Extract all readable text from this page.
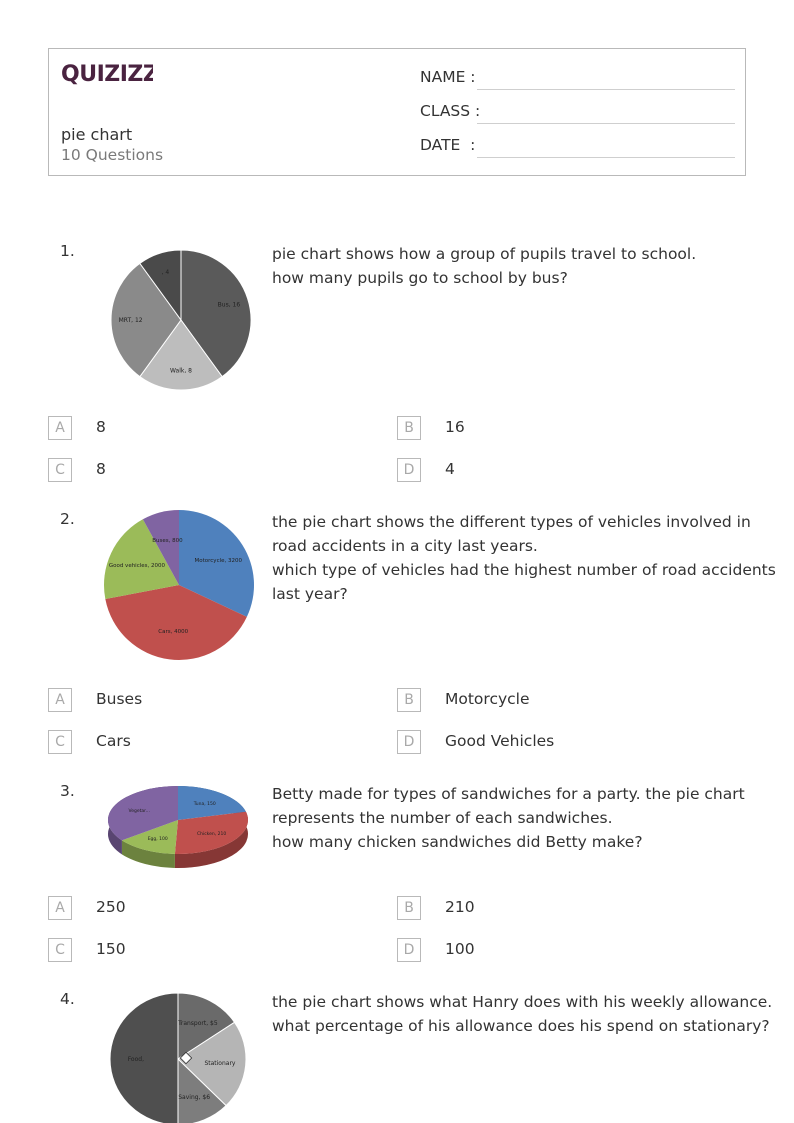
QUIZIZZ
pie chart
10 Questions
NAME :
CLASS :
DATE  :
1.	pie chart shows how a group of pupils travel to school.
how many pupils go to school by bus?
Bus, 16
Walk, 8
MRT, 12
, 4
A	8	B	16
C	8	D	4
2.	the pie chart shows the different types of vehicles involved in
road accidents in a city last years.
which type of vehicles had the highest number of road accidents
last year?
Motorcycle, 3200
Cars, 4000
Good vehicles, 2000
Buses, 800
A	Buses	B	Motorcycle
C	Cars	D	Good Vehicles
3.	Betty made for types of sandwiches for a party. the pie chart
represents the number of each sandwiches.
how many chicken sandwiches did Betty make?
Tuna, 150
Chicken, 210
Egg, 100
Vegetar...
A	250	B	210
C	150	D	100
4.	the pie chart shows what Hanry does with his weekly allowance.
what percentage of his allowance does his spend on stationary?
Transport, $5
Stationary
Saving, $6
Food,
